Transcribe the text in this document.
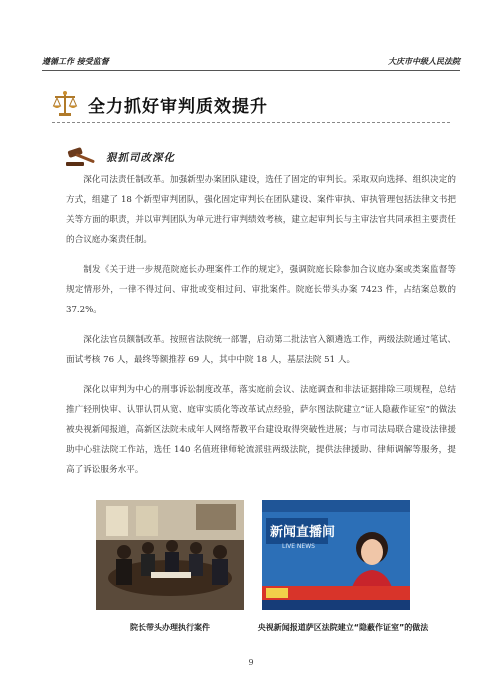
遵循工作 接受监督	大庆市中级人民法院
全力抓好审判质效提升
狠抓司改深化

深化司法责任制改革。加强新型办案团队建设，选任了固定的审判长。采取双向选择、组织决定的方式，组建了 18 个新型审判团队，强化固定审判长在团队建设、案件审执、审执管理包括法律文书把关等方面的职责，并以审判团队为单元进行审判绩效考核，建立起审判长与主审法官共同承担主要责任的合议庭办案责任制。

制发《关于进一步规范院庭长办理案件工作的规定》，强调院庭长除参加合议庭办案或类案监督等规定情形外，一律不得过问、审批或变相过问、审批案件。院庭长带头办案 7423 件，占结案总数的 37.2%。

深化法官员额制改革。按照省法院统一部署，启动第二批法官入额遴选工作，两级法院通过笔试、面试考核 76 人，最终等额推荐 69 人，其中中院 18 人，基层法院 51 人。

深化以审判为中心的刑事诉讼制度改革，落实庭前会议、法庭调查和非法证据排除三项规程，总结推广轻刑快审、认罪认罚从宽、庭审实质化等改革试点经验，萨尔图法院建立“证人隐蔽作证室”的做法被央视新闻报道，高新区法院未成年人网络帮教平台建设取得突破性进展；与市司法局联合建设法律援助中心驻法院工作站，选任 140 名值班律师轮流派驻两级法院，提供法律援助、律师调解等服务，提高了诉讼服务水平。

新闻直播间
LIVE NEWS
院长带头办理执行案件	央视新闻报道萨区法院建立“隐蔽作证室”的做法
9
